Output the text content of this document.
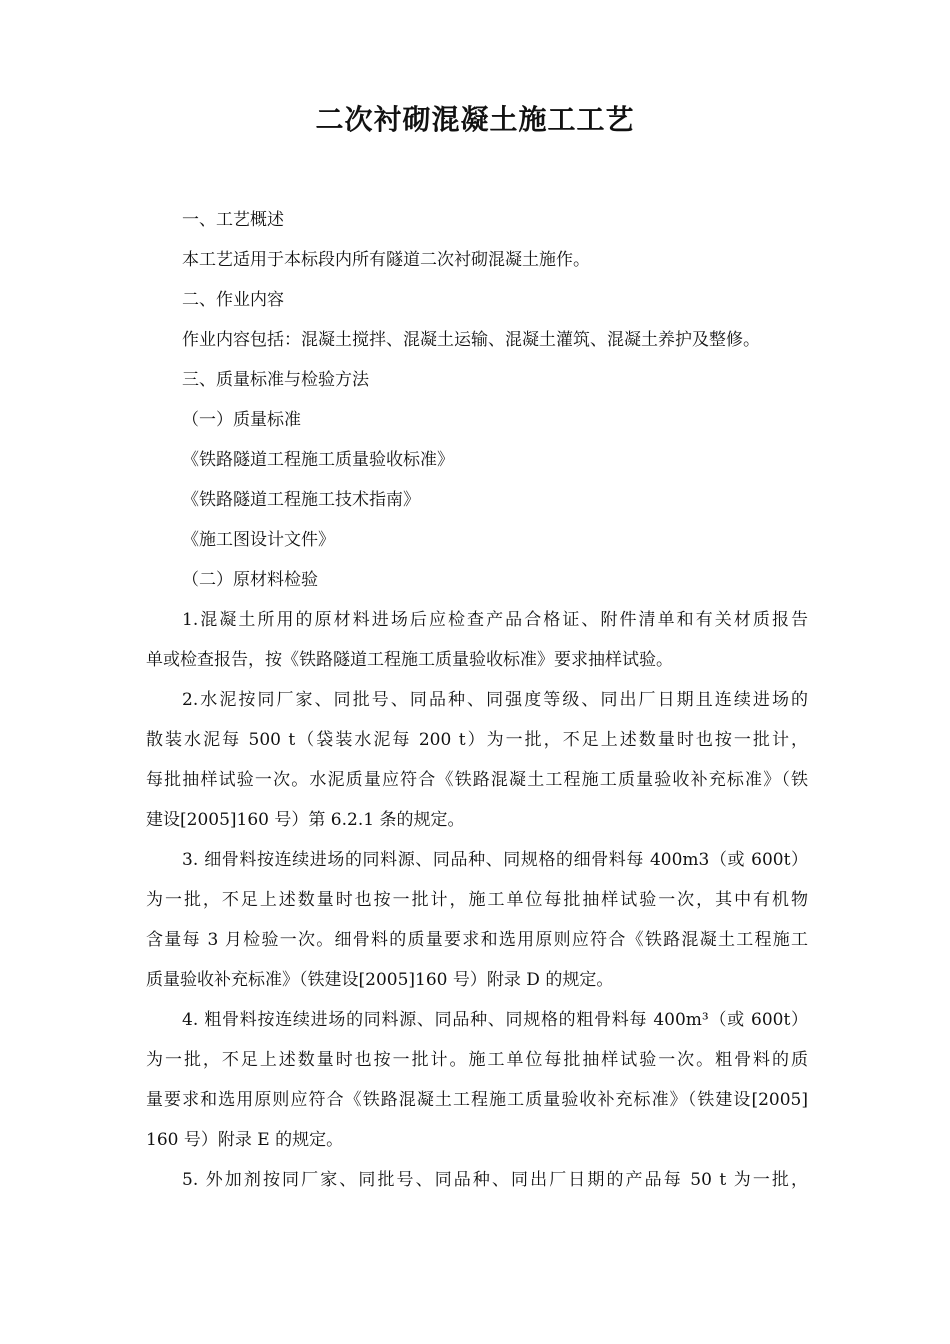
二次衬砌混凝土施工工艺
一、工艺概述
本工艺适用于本标段内所有隧道二次衬砌混凝土施作。
二、作业内容
作业内容包括：混凝土搅拌、混凝土运输、混凝土灌筑、混凝土养护及整修。
三、质量标准与检验方法
（一）质量标准
《铁路隧道工程施工质量验收标准》
《铁路隧道工程施工技术指南》
《施工图设计文件》
（二）原材料检验
1.混凝土所用的原材料进场后应检查产品合格证、附件清单和有关材质报告
单或检查报告，按《铁路隧道工程施工质量验收标准》要求抽样试验。
2.水泥按同厂家、同批号、同品种、同强度等级、同出厂日期且连续进场的
散装水泥每 500 t（袋装水泥每 200 t）为一批，不足上述数量时也按一批计，
每批抽样试验一次。水泥质量应符合《铁路混凝土工程施工质量验收补充标准》（铁
建设[2005]160 号）第 6.2.1 条的规定。
3. 细骨料按连续进场的同料源、同品种、同规格的细骨料每 400m3（或 600t）
为一批，不足上述数量时也按一批计，施工单位每批抽样试验一次，其中有机物
含量每 3 月检验一次。细骨料的质量要求和选用原则应符合《铁路混凝土工程施工
质量验收补充标准》（铁建设[2005]160 号）附录 D 的规定。
4. 粗骨料按连续进场的同料源、同品种、同规格的粗骨料每 400m³（或 600t）
为一批，不足上述数量时也按一批计。施工单位每批抽样试验一次。粗骨料的质
量要求和选用原则应符合《铁路混凝土工程施工质量验收补充标准》（铁建设[2005]
160 号）附录 E 的规定。
5. 外加剂按同厂家、同批号、同品种、同出厂日期的产品每 50 t 为一批，
